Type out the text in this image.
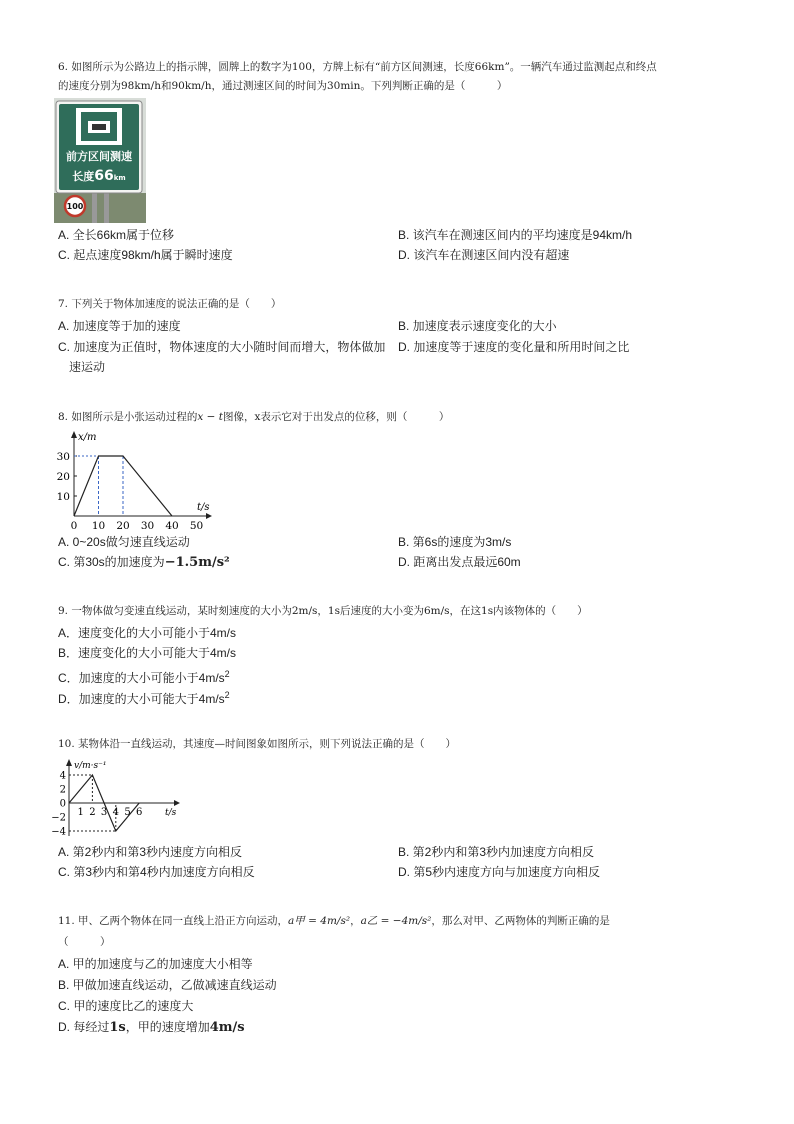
6. 如图所示为公路边上的指示牌，圆牌上的数字为100，方牌上标有“前方区间测速，长度66km”。一辆汽车通过监测起点和终点
的速度分别为98km/h和90km/h，通过测速区间的时间为30min。下列判断正确的是（　　　）
前方区间测速
长度66km
100
A. 全长66km属于位移	B. 该汽车在测速区间内的平均速度是94km/h
C. 起点速度98km/h属于瞬时速度	D. 该汽车在测速区间内没有超速
7. 下列关于物体加速度的说法正确的是（　　）
A. 加速度等于加的速度	B. 加速度表示速度变化的大小
C. 加速度为正值时，物体速度的大小随时间而增大，物体做加
速运动
D. 加速度等于速度的变化量和所用时间之比
8. 如图所示是小张运动过程的x − t图像，x表示它对于出发点的位移，则（　　　）
x/m
t/s
0 10 20 30 40 50
10
20
30
A. 0~20s做匀速直线运动	B. 第6s的速度为3m/s
C. 第30s的加速度为−1.5m/s²	D. 距离出发点最远60m
9. 一物体做匀变速直线运动，某时刻速度的大小为2m/s，1s后速度的大小变为6m/s，在这1s内该物体的（　　）
A．速度变化的大小可能小于4m/s
B．速度变化的大小可能大于4m/s
C．加速度的大小可能小于$4m/s^2$
D．加速度的大小可能大于$4m/s^2$
10. 某物体沿一直线运动，其速度—时间图象如图所示，则下列说法正确的是（　　）
v/m·s⁻¹
t/s
4
2
0
−2
−4
1 2 3 4 5 6
A. 第2秒内和第3秒内速度方向相反	B. 第2秒内和第3秒内加速度方向相反
C. 第3秒内和第4秒内加速度方向相反	D. 第5秒内速度方向与加速度方向相反
11. 甲、乙两个物体在同一直线上沿正方向运动，a甲 = 4m/s²，a乙 = −4m/s²，那么对甲、乙两物体的判断正确的是
（　　　）
A. 甲的加速度与乙的加速度大小相等
B. 甲做加速直线运动，乙做减速直线运动
C. 甲的速度比乙的速度大
D. 每经过1s，甲的速度增加4m/s
